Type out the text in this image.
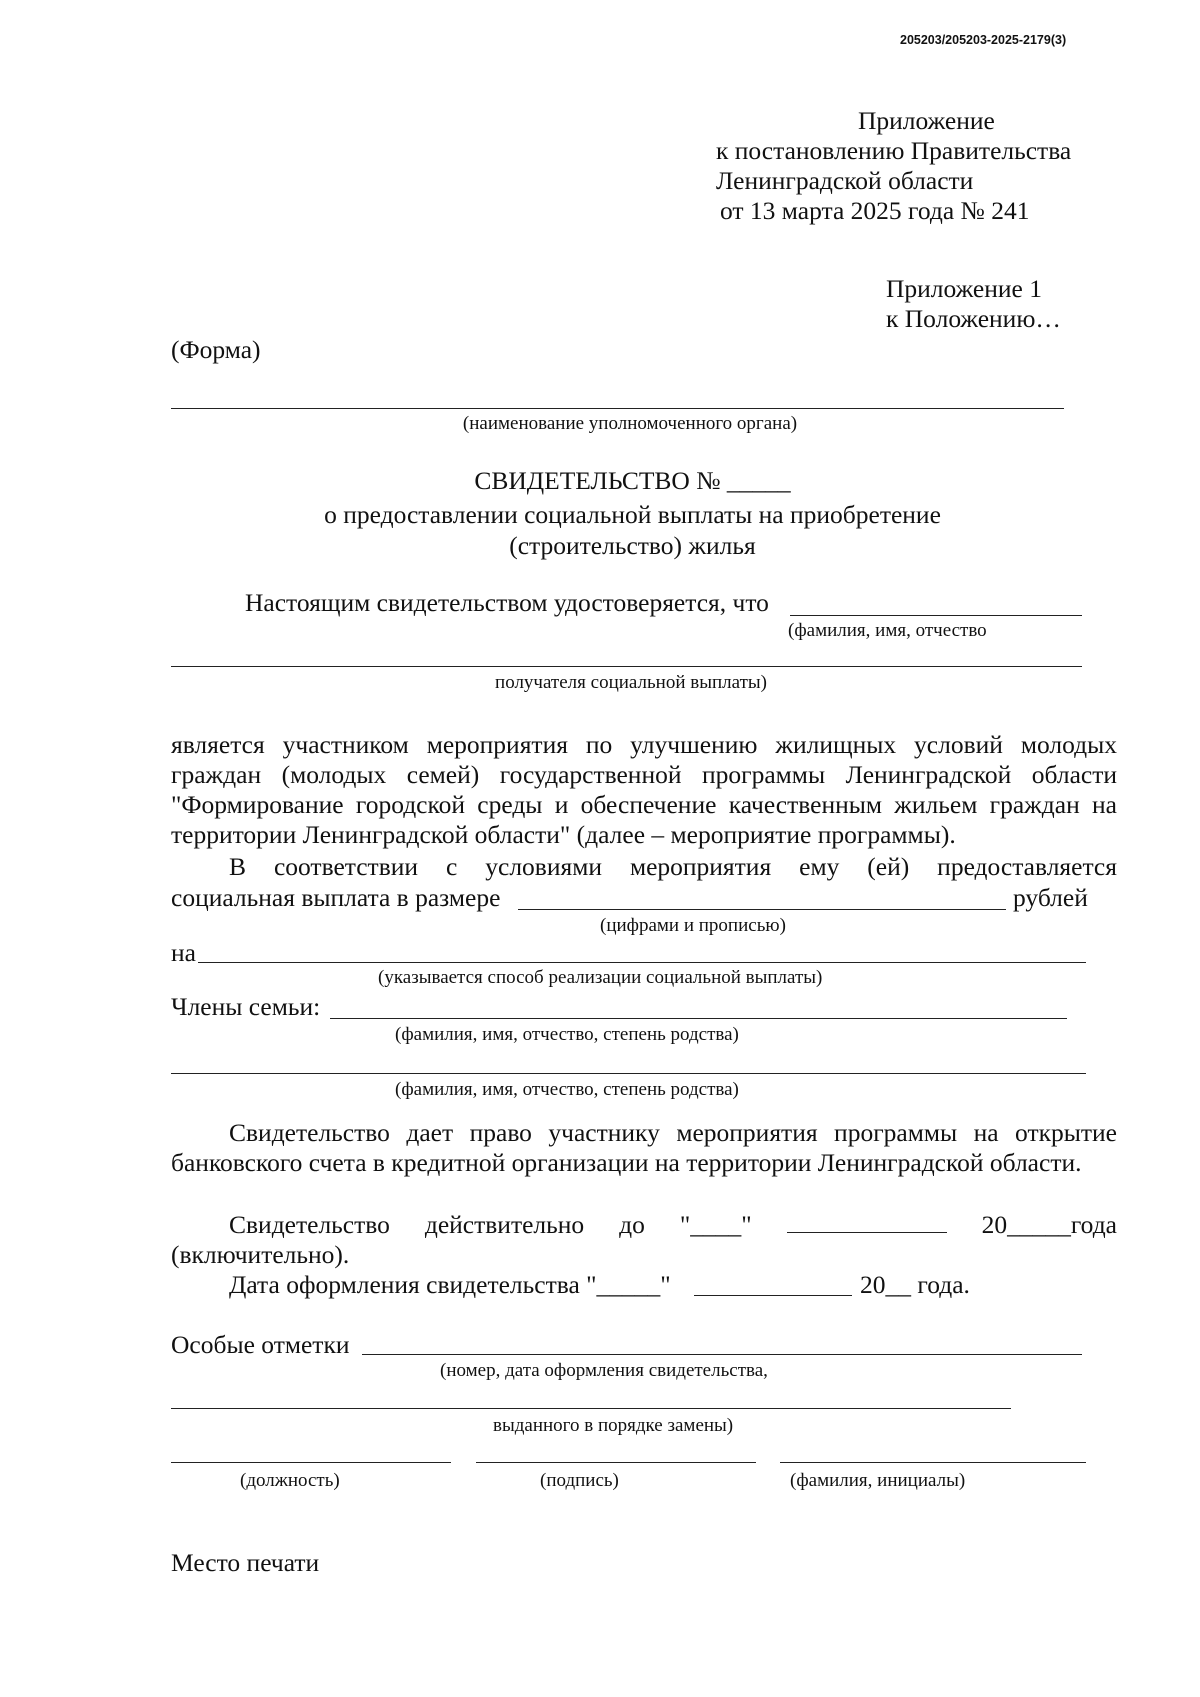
205203/205203-2025-2179(3)
Приложение
к постановлению Правительства
Ленинградской области
от 13 марта 2025 года № 241
Приложение 1
к Положению…
(Форма)
(наименование уполномоченного органа)
СВИДЕТЕЛЬСТВО № _____
о предоставлении социальной выплаты на приобретение
(строительство) жилья
Настоящим свидетельством удостоверяется, что
(фамилия, имя, отчество
получателя социальной выплаты)
является участником мероприятия по улучшению жилищных условий молодых граждан (молодых семей) государственной программы Ленинградской области "Формирование городской среды и обеспечение качественным жильем граждан на территории Ленинградской области" (далее – мероприятие программы).
В соответствии с условиями мероприятия ему (ей) предоставляется
социальная выплата в размере	рублей
(цифрами и прописью)
на
(указывается способ реализации социальной выплаты)
Члены семьи:
(фамилия, имя, отчество, степень родства)
(фамилия, имя, отчество, степень родства)
Свидетельство дает право участнику мероприятия программы на открытие банковского счета в кредитной организации на территории Ленинградской области.
Свидетельство действительно до "____"	20_____года
(включительно).
Дата оформления свидетельства "_____"	20__ года.
Особые отметки
(номер, дата оформления свидетельства,
выданного в порядке замены)
(должность)	(подпись)	(фамилия, инициалы)
Место печати
